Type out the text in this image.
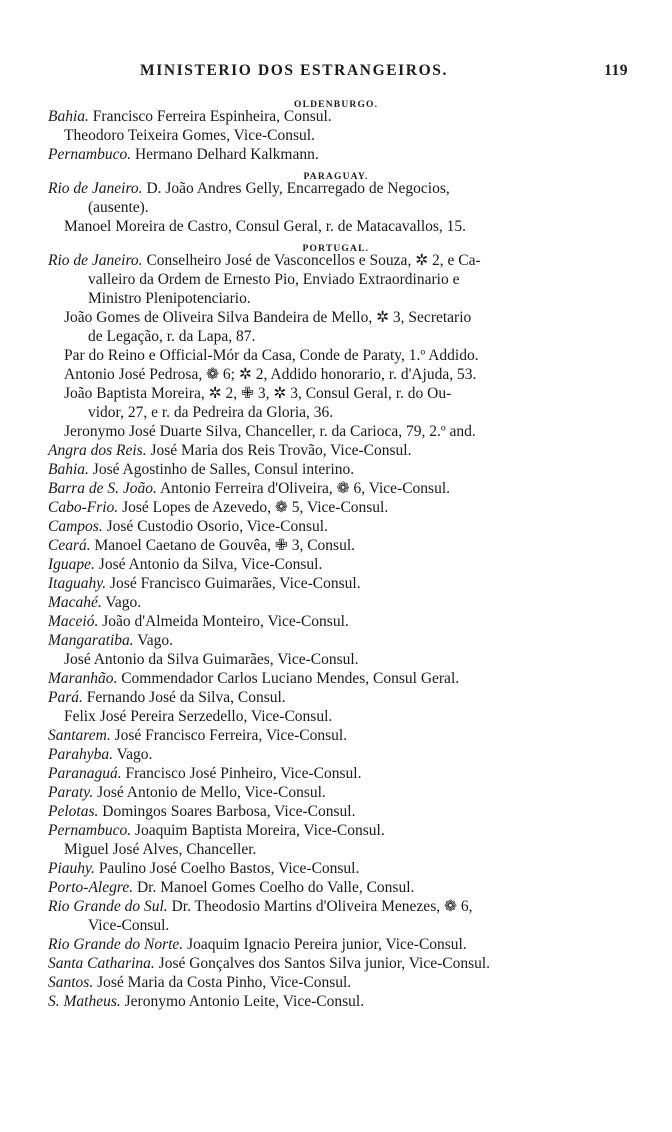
MINISTERIO DOS ESTRANGEIROS.	119
OLDENBURGO.
Bahia. Francisco Ferreira Espinheira, Consul.
Theodoro Teixeira Gomes, Vice-Consul.
Pernambuco. Hermano Delhard Kalkmann.
PARAGUAY.
Rio de Janeiro. D. João Andres Gelly, Encarregado de Negocios,
(ausente).
Manoel Moreira de Castro, Consul Geral, r. de Matacavallos, 15.
PORTUGAL.
Rio de Janeiro. Conselheiro José de Vasconcellos e Souza, ✲ 2, e Ca-
valleiro da Ordem de Ernesto Pio, Enviado Extraordinario e
Ministro Plenipotenciario.
João Gomes de Oliveira Silva Bandeira de Mello, ✲ 3, Secretario
de Legação, r. da Lapa, 87.
Par do Reino e Official-Mór da Casa, Conde de Paraty, 1.º Addido.
Antonio José Pedrosa, ❁ 6; ✲ 2, Addido honorario, r. d'Ajuda, 53.
João Baptista Moreira, ✲ 2, ✙ 3, ✲ 3, Consul Geral, r. do Ou-
vidor, 27, e r. da Pedreira da Gloria, 36.
Jeronymo José Duarte Silva, Chanceller, r. da Carioca, 79, 2.º and.
Angra dos Reis. José Maria dos Reis Trovão, Vice-Consul.
Bahia. José Agostinho de Salles, Consul interino.
Barra de S. João. Antonio Ferreira d'Oliveira, ❁ 6, Vice-Consul.
Cabo-Frio. José Lopes de Azevedo, ❁ 5, Vice-Consul.
Campos. José Custodio Osorio, Vice-Consul.
Ceará. Manoel Caetano de Gouvêa, ✙ 3, Consul.
Iguape. José Antonio da Silva, Vice-Consul.
Itaguahy. José Francisco Guimarães, Vice-Consul.
Macahé. Vago.
Maceió. João d'Almeida Monteiro, Vice-Consul.
Mangaratiba. Vago.
José Antonio da Silva Guimarães, Vice-Consul.
Maranhão. Commendador Carlos Luciano Mendes, Consul Geral.
Pará. Fernando José da Silva, Consul.
Felix José Pereira Serzedello, Vice-Consul.
Santarem. José Francisco Ferreira, Vice-Consul.
Parahyba. Vago.
Paranaguá. Francisco José Pinheiro, Vice-Consul.
Paraty. José Antonio de Mello, Vice-Consul.
Pelotas. Domingos Soares Barbosa, Vice-Consul.
Pernambuco. Joaquim Baptista Moreira, Vice-Consul.
Miguel José Alves, Chanceller.
Piauhy. Paulino José Coelho Bastos, Vice-Consul.
Porto-Alegre. Dr. Manoel Gomes Coelho do Valle, Consul.
Rio Grande do Sul. Dr. Theodosio Martins d'Oliveira Menezes, ❁ 6,
Vice-Consul.
Rio Grande do Norte. Joaquim Ignacio Pereira junior, Vice-Consul.
Santa Catharina. José Gonçalves dos Santos Silva junior, Vice-Consul.
Santos. José Maria da Costa Pinho, Vice-Consul.
S. Matheus. Jeronymo Antonio Leite, Vice-Consul.
